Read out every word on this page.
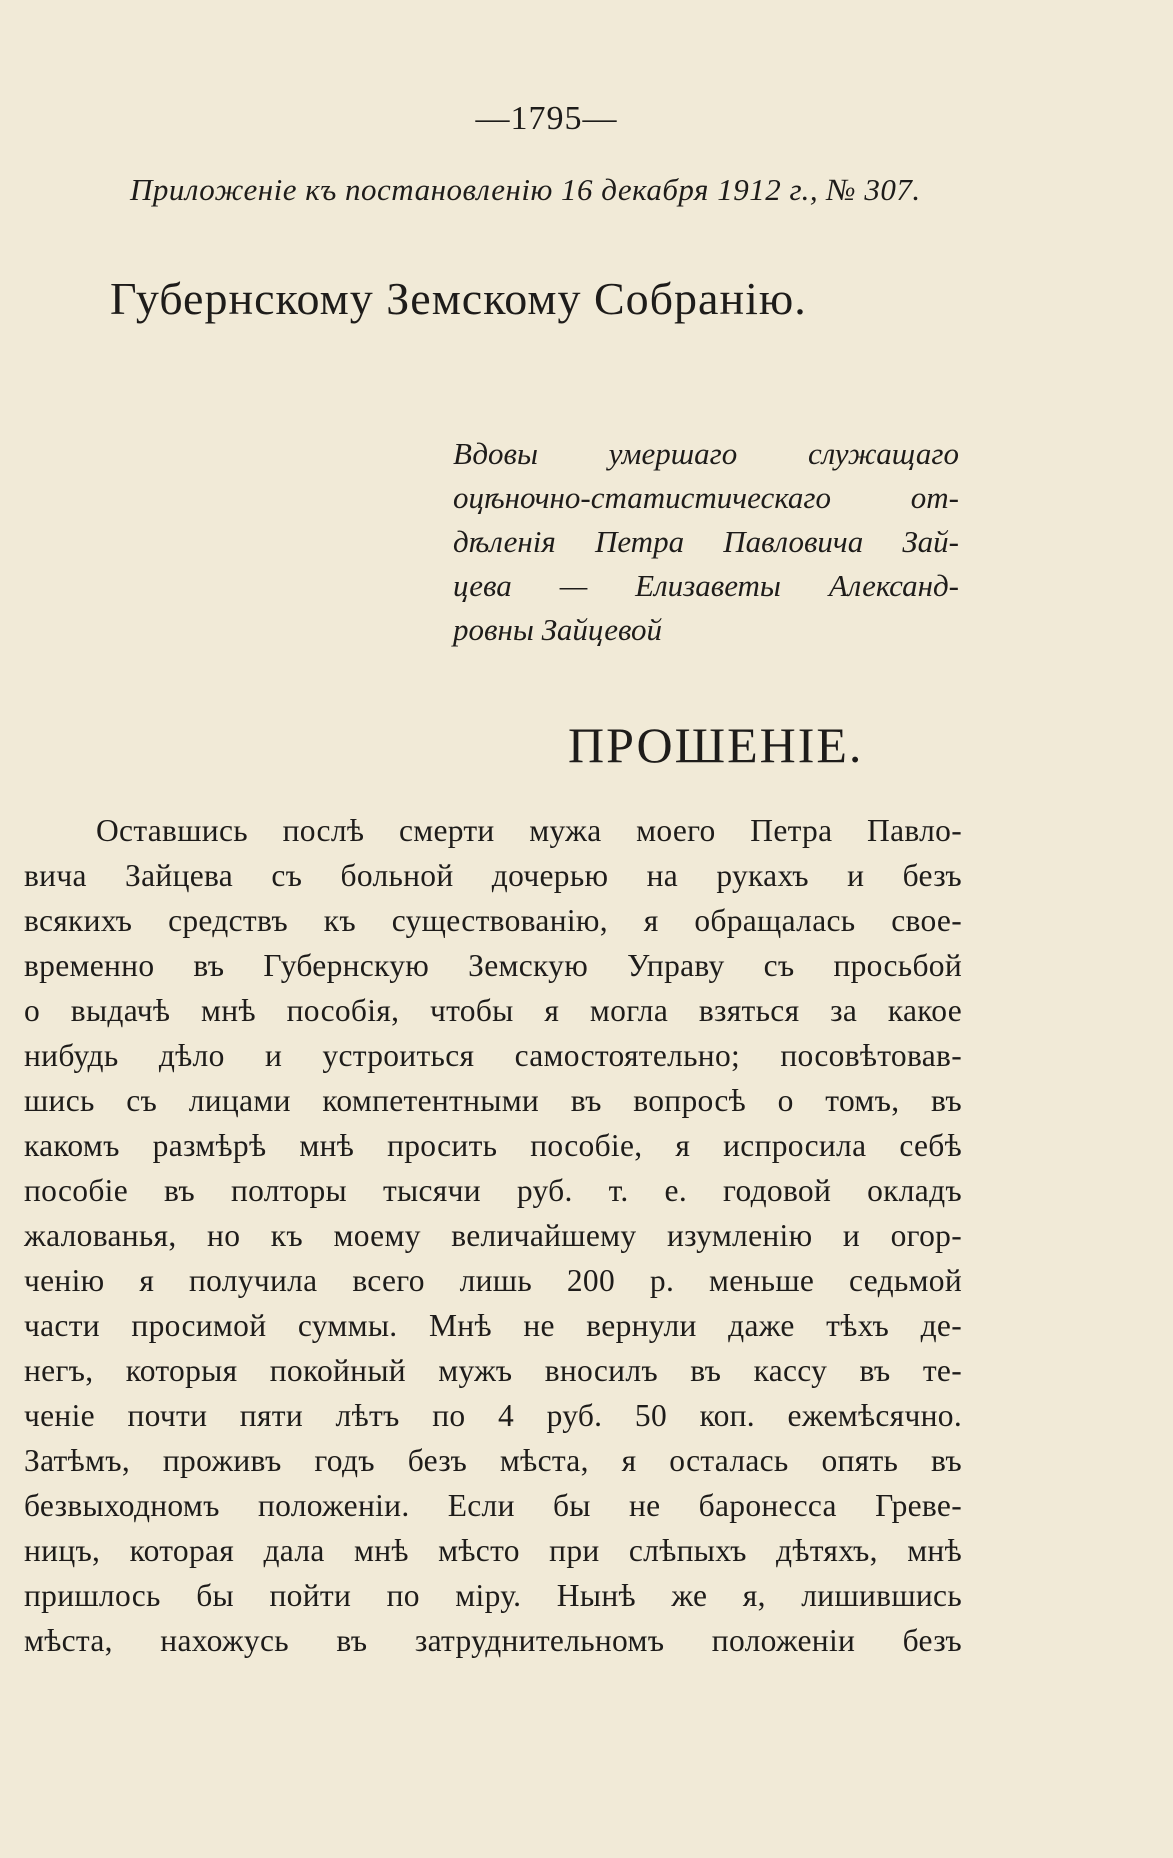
—1795—
Приложенiе къ постановленiю 16 декабря 1912 г., № 307.
Губернскому Земскому Собранiю.
Вдовы умершаго служащаго
оцѣночно-статистическаго от-
дѣленiя Петра Павловича Зай-
цева — Елизаветы Александ-
ровны Зайцевой
ПРОШЕНIЕ.
Оставшись послѣ смерти мужа моего Петра Павло-
вича Зайцева съ больной дочерью на рукахъ и безъ
всякихъ средствъ къ существованiю, я обращалась свое-
временно въ Губернскую Земскую Управу съ просьбой
о выдачѣ мнѣ пособiя, чтобы я могла взяться за какое
нибудь дѣло и устроиться самостоятельно; посовѣтовав-
шись съ лицами компетентными въ вопросѣ о томъ, въ
какомъ размѣрѣ мнѣ просить пособiе, я испросила себѣ
пособiе въ полторы тысячи руб. т. е. годовой окладъ
жалованья, но къ моему величайшему изумленiю и огор-
ченiю я получила всего лишь 200 р. меньше седьмой
части просимой суммы. Мнѣ не вернули даже тѣхъ де-
негъ, которыя покойный мужъ вносилъ въ кассу въ те-
ченiе почти пяти лѣтъ по 4 руб. 50 коп. ежемѣсячно.
Затѣмъ, проживъ годъ безъ мѣста, я осталась опять въ
безвыходномъ положенiи. Если бы не баронесса Греве-
ницъ, которая дала мнѣ мѣсто при слѣпыхъ дѣтяхъ, мнѣ
пришлось бы пойти по мiру. Нынѣ же я, лишившись
мѣста, нахожусь въ затруднительномъ положенiи безъ
